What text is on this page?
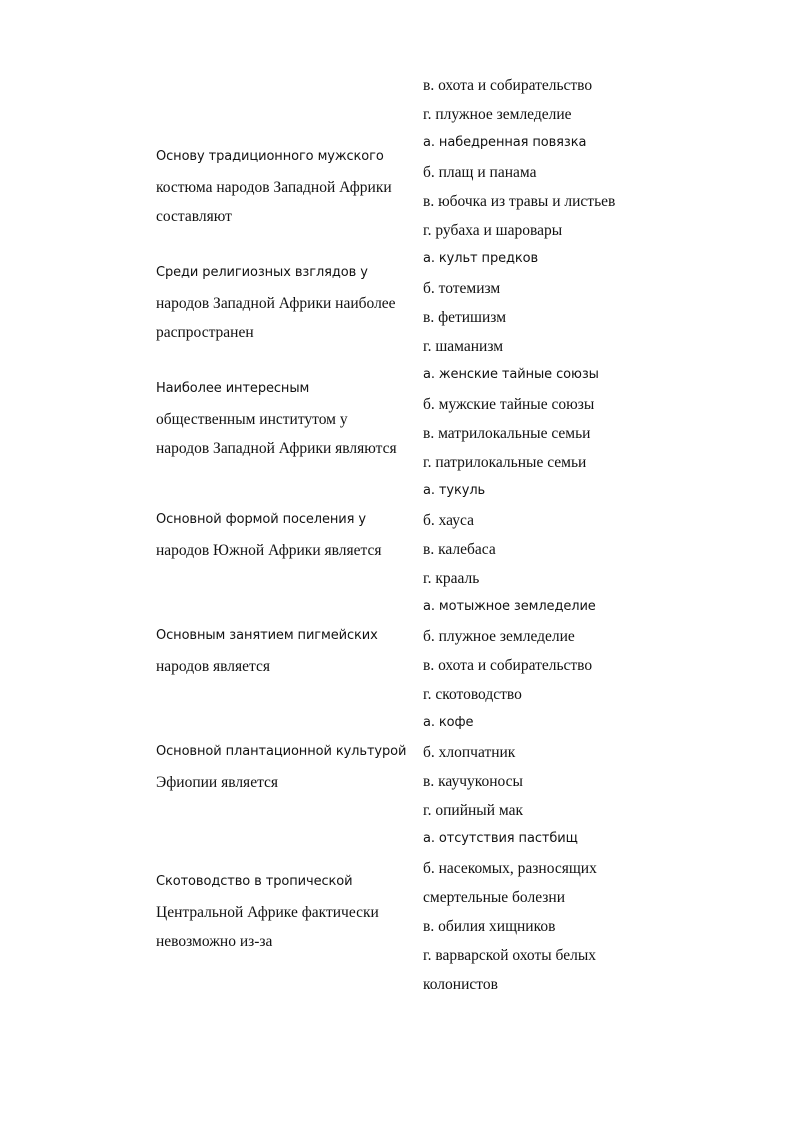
в. охота и собирательство
г. плужное земледелие
Основу традиционного мужского
костюма народов Западной Африки
составляют
а. набедренная повязка
б. плащ и панама
в. юбочка из травы и листьев
г. рубаха и шаровары
Среди религиозных взглядов у
народов Западной Африки наиболее
распространен
а. культ предков
б. тотемизм
в. фетишизм
г. шаманизм
Наиболее интересным
общественным институтом у
народов Западной Африки являются
а. женские тайные союзы
б. мужские тайные союзы
в. матрилокальные семьи
г. патрилокальные семьи
Основной формой поселения у
народов Южной Африки является
а. тукуль
б. хауса
в. калебаса
г. крааль
Основным занятием пигмейских
народов является
а. мотыжное земледелие
б. плужное земледелие
в. охота и собирательство
г. скотоводство
Основной плантационной культурой
Эфиопии является
а. кофе
б. хлопчатник
в. каучуконосы
г. опийный мак
Скотоводство в тропической
Центральной Африке фактически
невозможно из-за
а. отсутствия пастбищ
б. насекомых, разносящих
смертельные болезни
в. обилия хищников
г. варварской охоты белых
колонистов
